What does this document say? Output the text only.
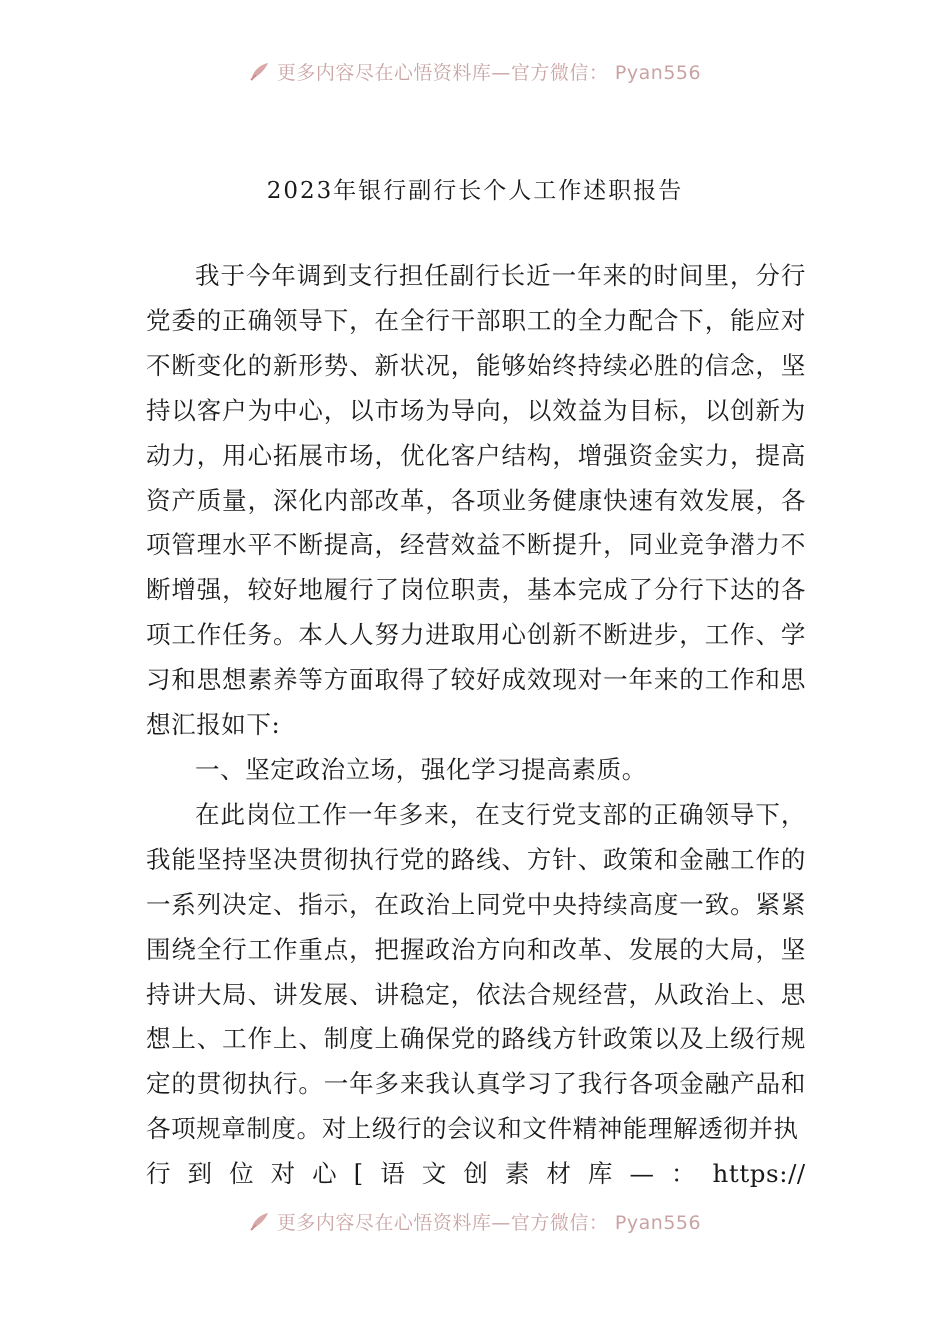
更多内容尽在心悟资料库—官方微信： Pyan556
2023年银行副行长个人工作述职报告

我于今年调到支行担任副行长近一年来的时间里，分行党委的正确领导下，在全行干部职工的全力配合下，能应对不断变化的新形势、新状况，能够始终持续必胜的信念，坚持以客户为中心，以市场为导向，以效益为目标，以创新为动力，用心拓展市场，优化客户结构，增强资金实力，提高资产质量，深化内部改革，各项业务健康快速有效发展，各项管理水平不断提高，经营效益不断提升，同业竞争潜力不断增强，较好地履行了岗位职责，基本完成了分行下达的各项工作任务。本人人努力进取用心创新不断进步，工作、学习和思想素养等方面取得了较好成效现对一年来的工作和思想汇报如下:

一、坚定政治立场，强化学习提高素质。

在此岗位工作一年多来，在支行党支部的正确领导下，我能坚持坚决贯彻执行党的路线、方针、政策和金融工作的一系列决定、指示，在政治上同党中央持续高度一致。紧紧围绕全行工作重点，把握政治方向和改革、发展的大局，坚持讲大局、讲发展、讲稳定，依法合规经营，从政治上、思想上、工作上、制度上确保党的路线方针政策以及上级行规定的贯彻执行。一年多来我认真学习了我行各项金融产品和各项规章制度。对上级行的会议和文件精神能理解透彻并执

行 到 位 对 心 [ 语 文 创 素 材 库 — ： https://
更多内容尽在心悟资料库—官方微信： Pyan556
